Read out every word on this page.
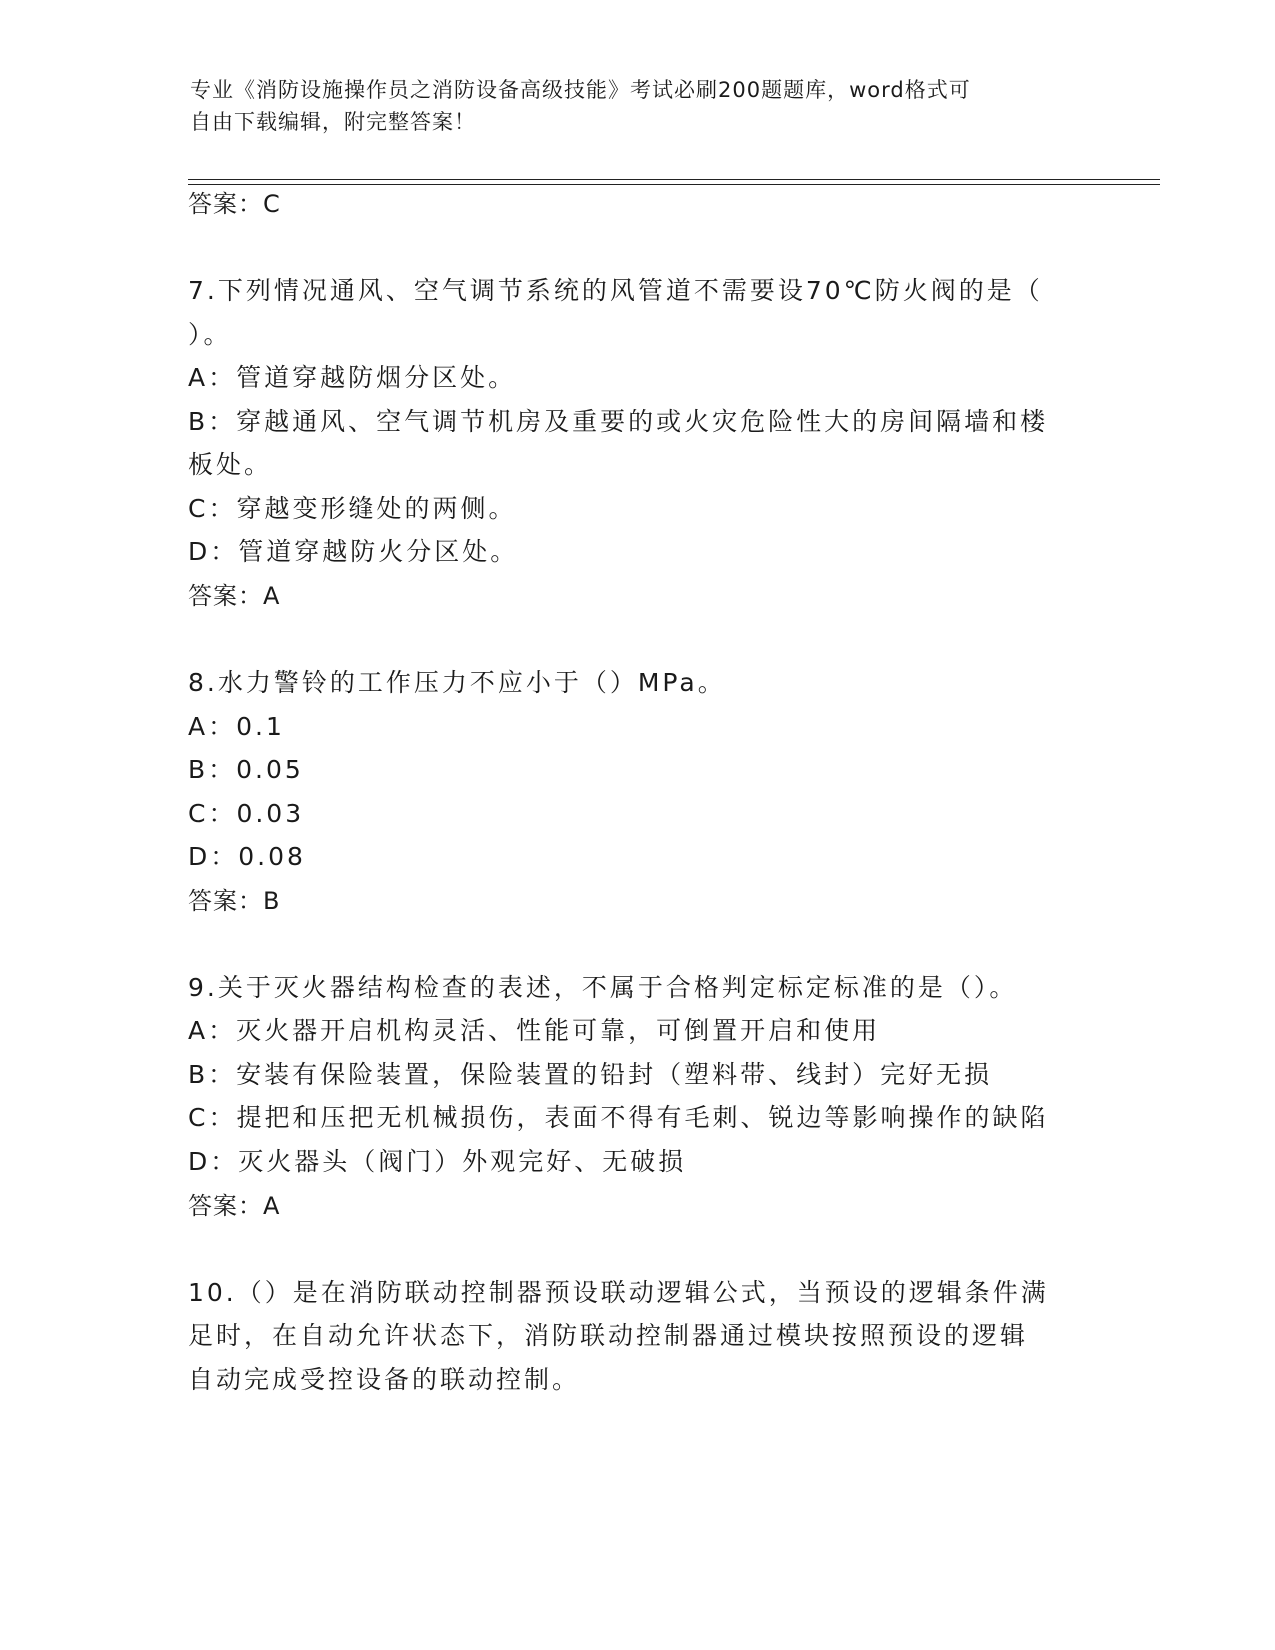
专业《消防设施操作员之消防设备高级技能》考试必刷200题题库，word格式可
自由下载编辑，附完整答案！
答案：C
7.下列情况通风、空气调节系统的风管道不需要设70℃防火阀的是（
）。
A：管道穿越防烟分区处。
B：穿越通风、空气调节机房及重要的或火灾危险性大的房间隔墙和楼
板处。
C：穿越变形缝处的两侧。
D：管道穿越防火分区处。
答案：A
8.水力警铃的工作压力不应小于（）MPa。
A：0.1
B：0.05
C：0.03
D：0.08
答案：B
9.关于灭火器结构检查的表述，不属于合格判定标定标准的是（）。
A：灭火器开启机构灵活、性能可靠，可倒置开启和使用
B：安装有保险装置，保险装置的铅封（塑料带、线封）完好无损
C：提把和压把无机械损伤，表面不得有毛刺、锐边等影响操作的缺陷
D：灭火器头（阀门）外观完好、无破损
答案：A
10.（）是在消防联动控制器预设联动逻辑公式，当预设的逻辑条件满
足时，在自动允许状态下，消防联动控制器通过模块按照预设的逻辑
自动完成受控设备的联动控制。
